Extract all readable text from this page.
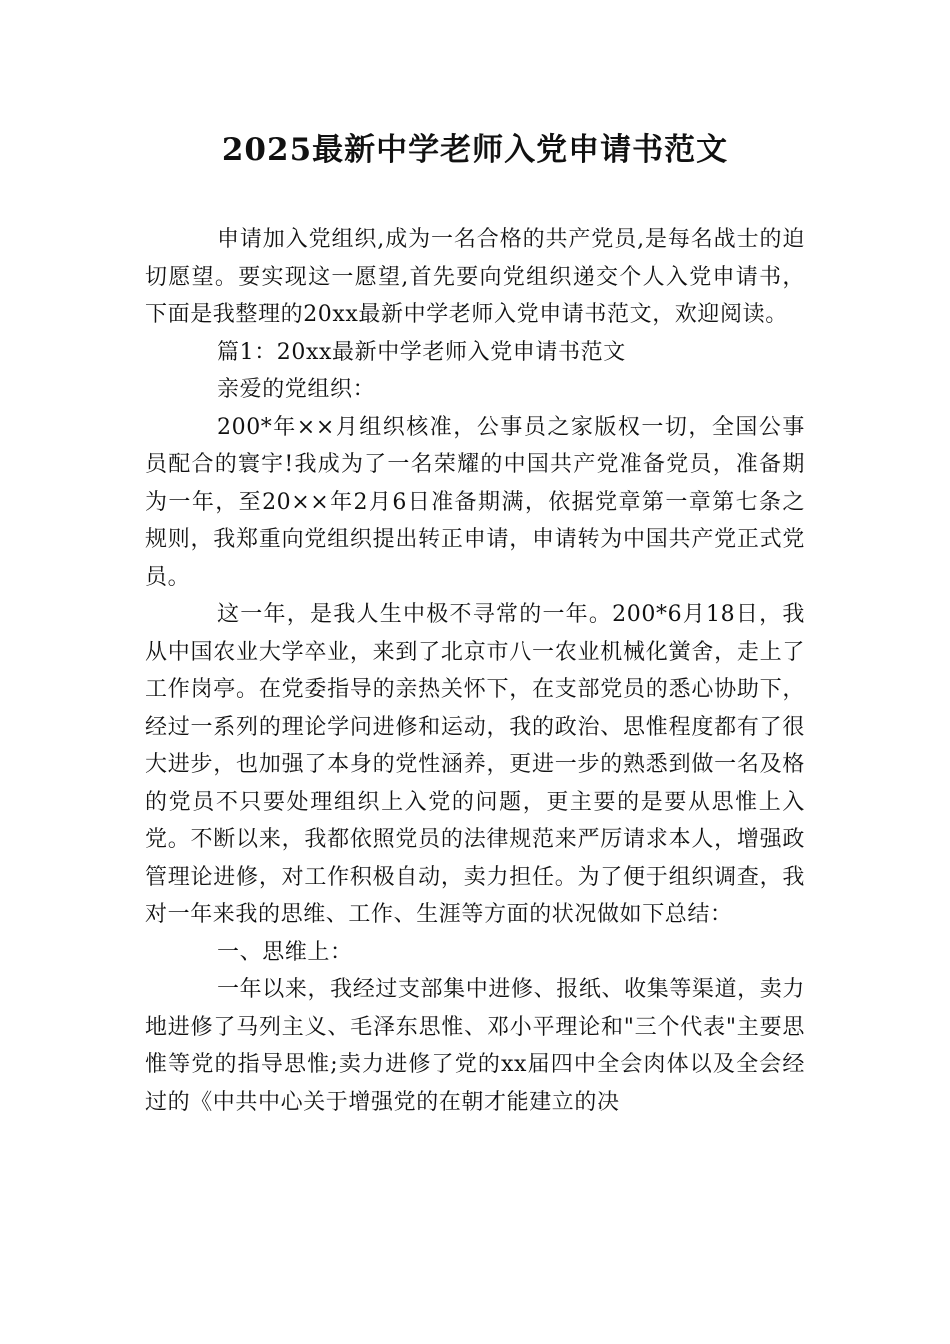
2025最新中学老师入党申请书范文

申请加入党组织,成为一名合格的共产党员,是每名战士的迫切愿望。要实现这一愿望,首先要向党组织递交个人入党申请书，下面是我整理的20xx最新中学老师入党申请书范文，欢迎阅读。

篇1：20xx最新中学老师入党申请书范文

亲爱的党组织：

200*年××月组织核准，公事员之家版权一切，全国公事员配合的寰宇!我成为了一名荣耀的中国共产党准备党员，准备期为一年，至20××年2月6日准备期满，依据党章第一章第七条之规则，我郑重向党组织提出转正申请，申请转为中国共产党正式党员。

这一年，是我人生中极不寻常的一年。200*6月18日，我从中国农业大学卒业，来到了北京市八一农业机械化黉舍，走上了工作岗亭。在党委指导的亲热关怀下，在支部党员的悉心协助下，经过一系列的理论学问进修和运动，我的政治、思惟程度都有了很大进步，也加强了本身的党性涵养，更进一步的熟悉到做一名及格的党员不只要处理组织上入党的问题，更主要的是要从思惟上入党。不断以来，我都依照党员的法律规范来严厉请求本人，增强政管理论进修，对工作积极自动，卖力担任。为了便于组织调查，我对一年来我的思维、工作、生涯等方面的状况做如下总结：

一、思维上：

一年以来，我经过支部集中进修、报纸、收集等渠道，卖力地进修了马列主义、毛泽东思惟、邓小平理论和"三个代表"主要思惟等党的指导思惟;卖力进修了党的xx届四中全会肉体以及全会经过的《中共中心关于增强党的在朝才能建立的决
